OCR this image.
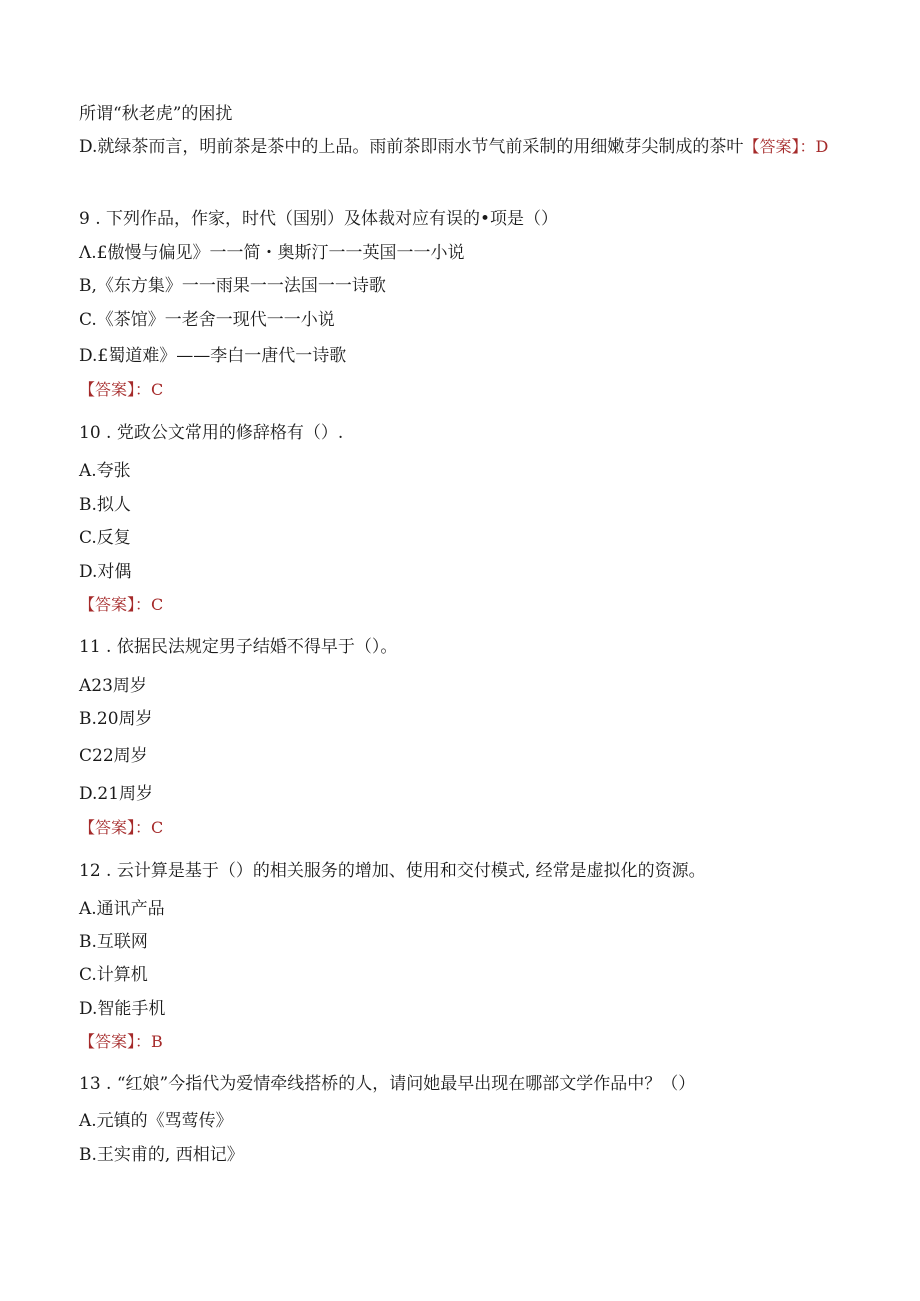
所谓“秋老虎”的困扰
D.就绿茶而言，明前茶是茶中的上品。雨前茶即雨水节气前采制的用细嫩芽尖制成的茶叶【答案】：D
9 . 下列作品，作家，时代（国别）及体裁对应有误的•项是（）
Λ.£傲慢与偏见》一一简・奥斯汀一一英国一一小说
B,《东方集》一一雨果一一法国一一诗歌
C.《茶馆》一老舍一现代一一小说
D.£蜀道难》——李白一唐代一诗歌
【答案】：C
10 . 党政公文常用的修辞格有（）.
A.夸张
B.拟人
C.反复
D.对偶
【答案】：C
11 . 依据民法规定男子结婚不得早于（）。
A23周岁
B.20周岁
C22周岁
D.21周岁
【答案】：C
12 . 云计算是基于（）的相关服务的增加、使用和交付模式, 经常是虚拟化的资源。
A.通讯产品
B.互联网
C.计算机
D.智能手机
【答案】：B
13 . “红娘”今指代为爱情牵线搭桥的人，请问她最早出现在哪部文学作品中？（）
A.元镇的《骂莺传》
B.王实甫的, 西相记》
